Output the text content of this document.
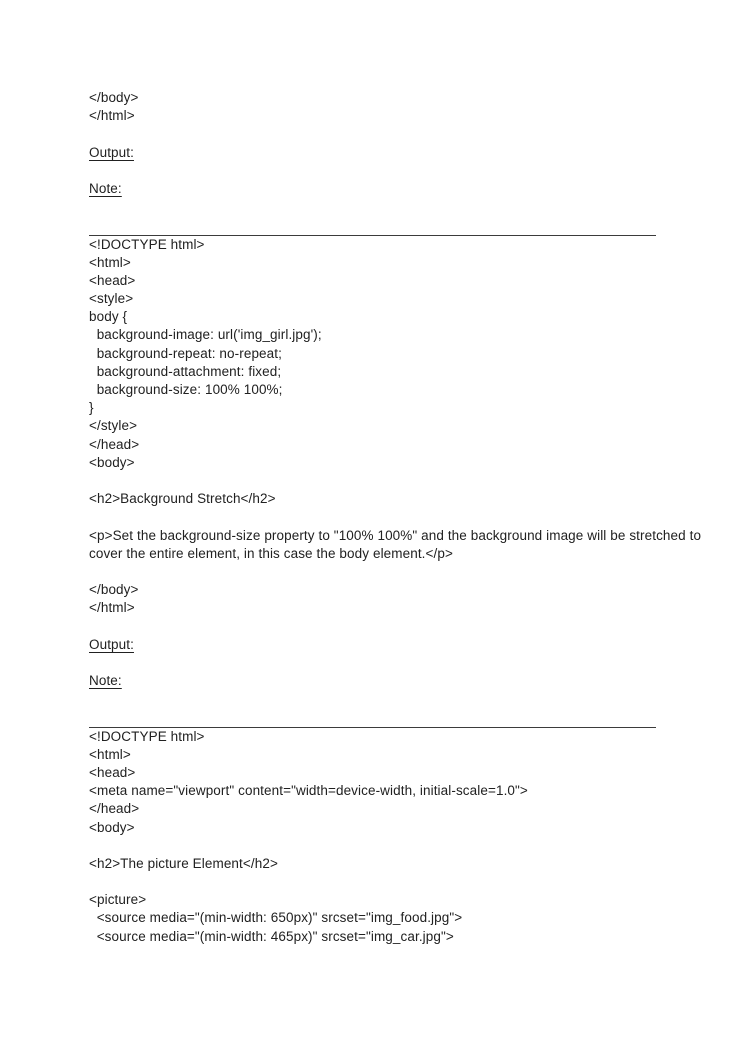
</body>
</html>
Output:
Note:
<!DOCTYPE html>
<html>
<head>
<style>
body {
background-image: url('img_girl.jpg');
background-repeat: no-repeat;
background-attachment: fixed;
background-size: 100% 100%;
}
</style>
</head>
<body>
<h2>Background Stretch</h2>
<p>Set the background-size property to "100% 100%" and the background image will be stretched to
cover the entire element, in this case the body element.</p>
</body>
</html>
Output:
Note:
<!DOCTYPE html>
<html>
<head>
<meta name="viewport" content="width=device-width, initial-scale=1.0">
</head>
<body>
<h2>The picture Element</h2>
<picture>
<source media="(min-width: 650px)" srcset="img_food.jpg">
<source media="(min-width: 465px)" srcset="img_car.jpg">
